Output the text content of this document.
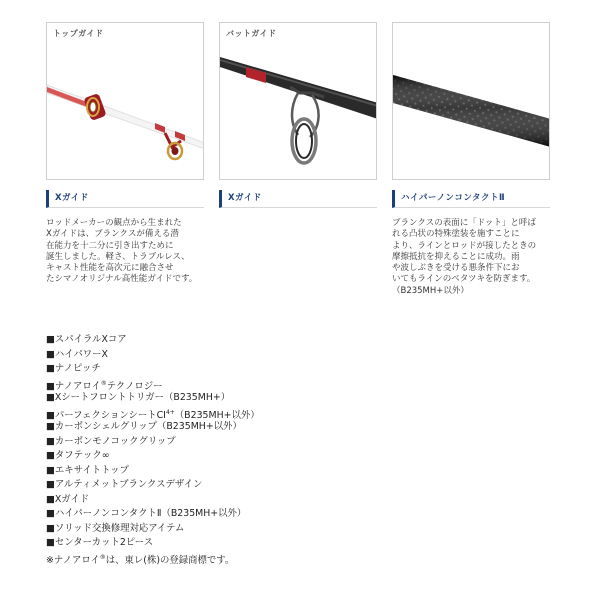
トップガイド	バットガイド
Xガイド	Xガイド	ハイパーノンコンタクトⅡ
ロッドメーカーの観点から生まれた
Xガイドは、ブランクスが備える潜
在能力を十二分に引き出すために
誕生しました。軽さ、トラブルレス、
キャスト性能を高次元に融合させ
たシマノオリジナル高性能ガイドです。
ブランクスの表面に「ドット」と呼ば
れる凸状の特殊塗装を施すことに
より、ラインとロッドが接したときの
摩擦抵抗を抑えることに成功。雨
や波しぶきを受ける悪条件下にお
いてもラインのベタツキを防ぎます。
（B235MH+以外）
■スパイラルXコア
■ハイパワーX
■ナノピッチ
■ナノアロイ®テクノロジー
■Xシートフロントトリガー（B235MH+）
■パーフェクションシート$CI^{4+}(B235MH+$以外）
■カーボンシェルグリップ（B235MH+以外）
■カーボンモノコックグリップ
■タフテック∞
■エキサイトトップ
■アルティメットブランクスデザイン
■Xガイド
■ハイパーノンコンタクトⅡ（B235MH+以外）
■ソリッド交換修理対応アイテム
■センターカット2ピース
※ナノアロイ®は、東レ(株)の登録商標です。
